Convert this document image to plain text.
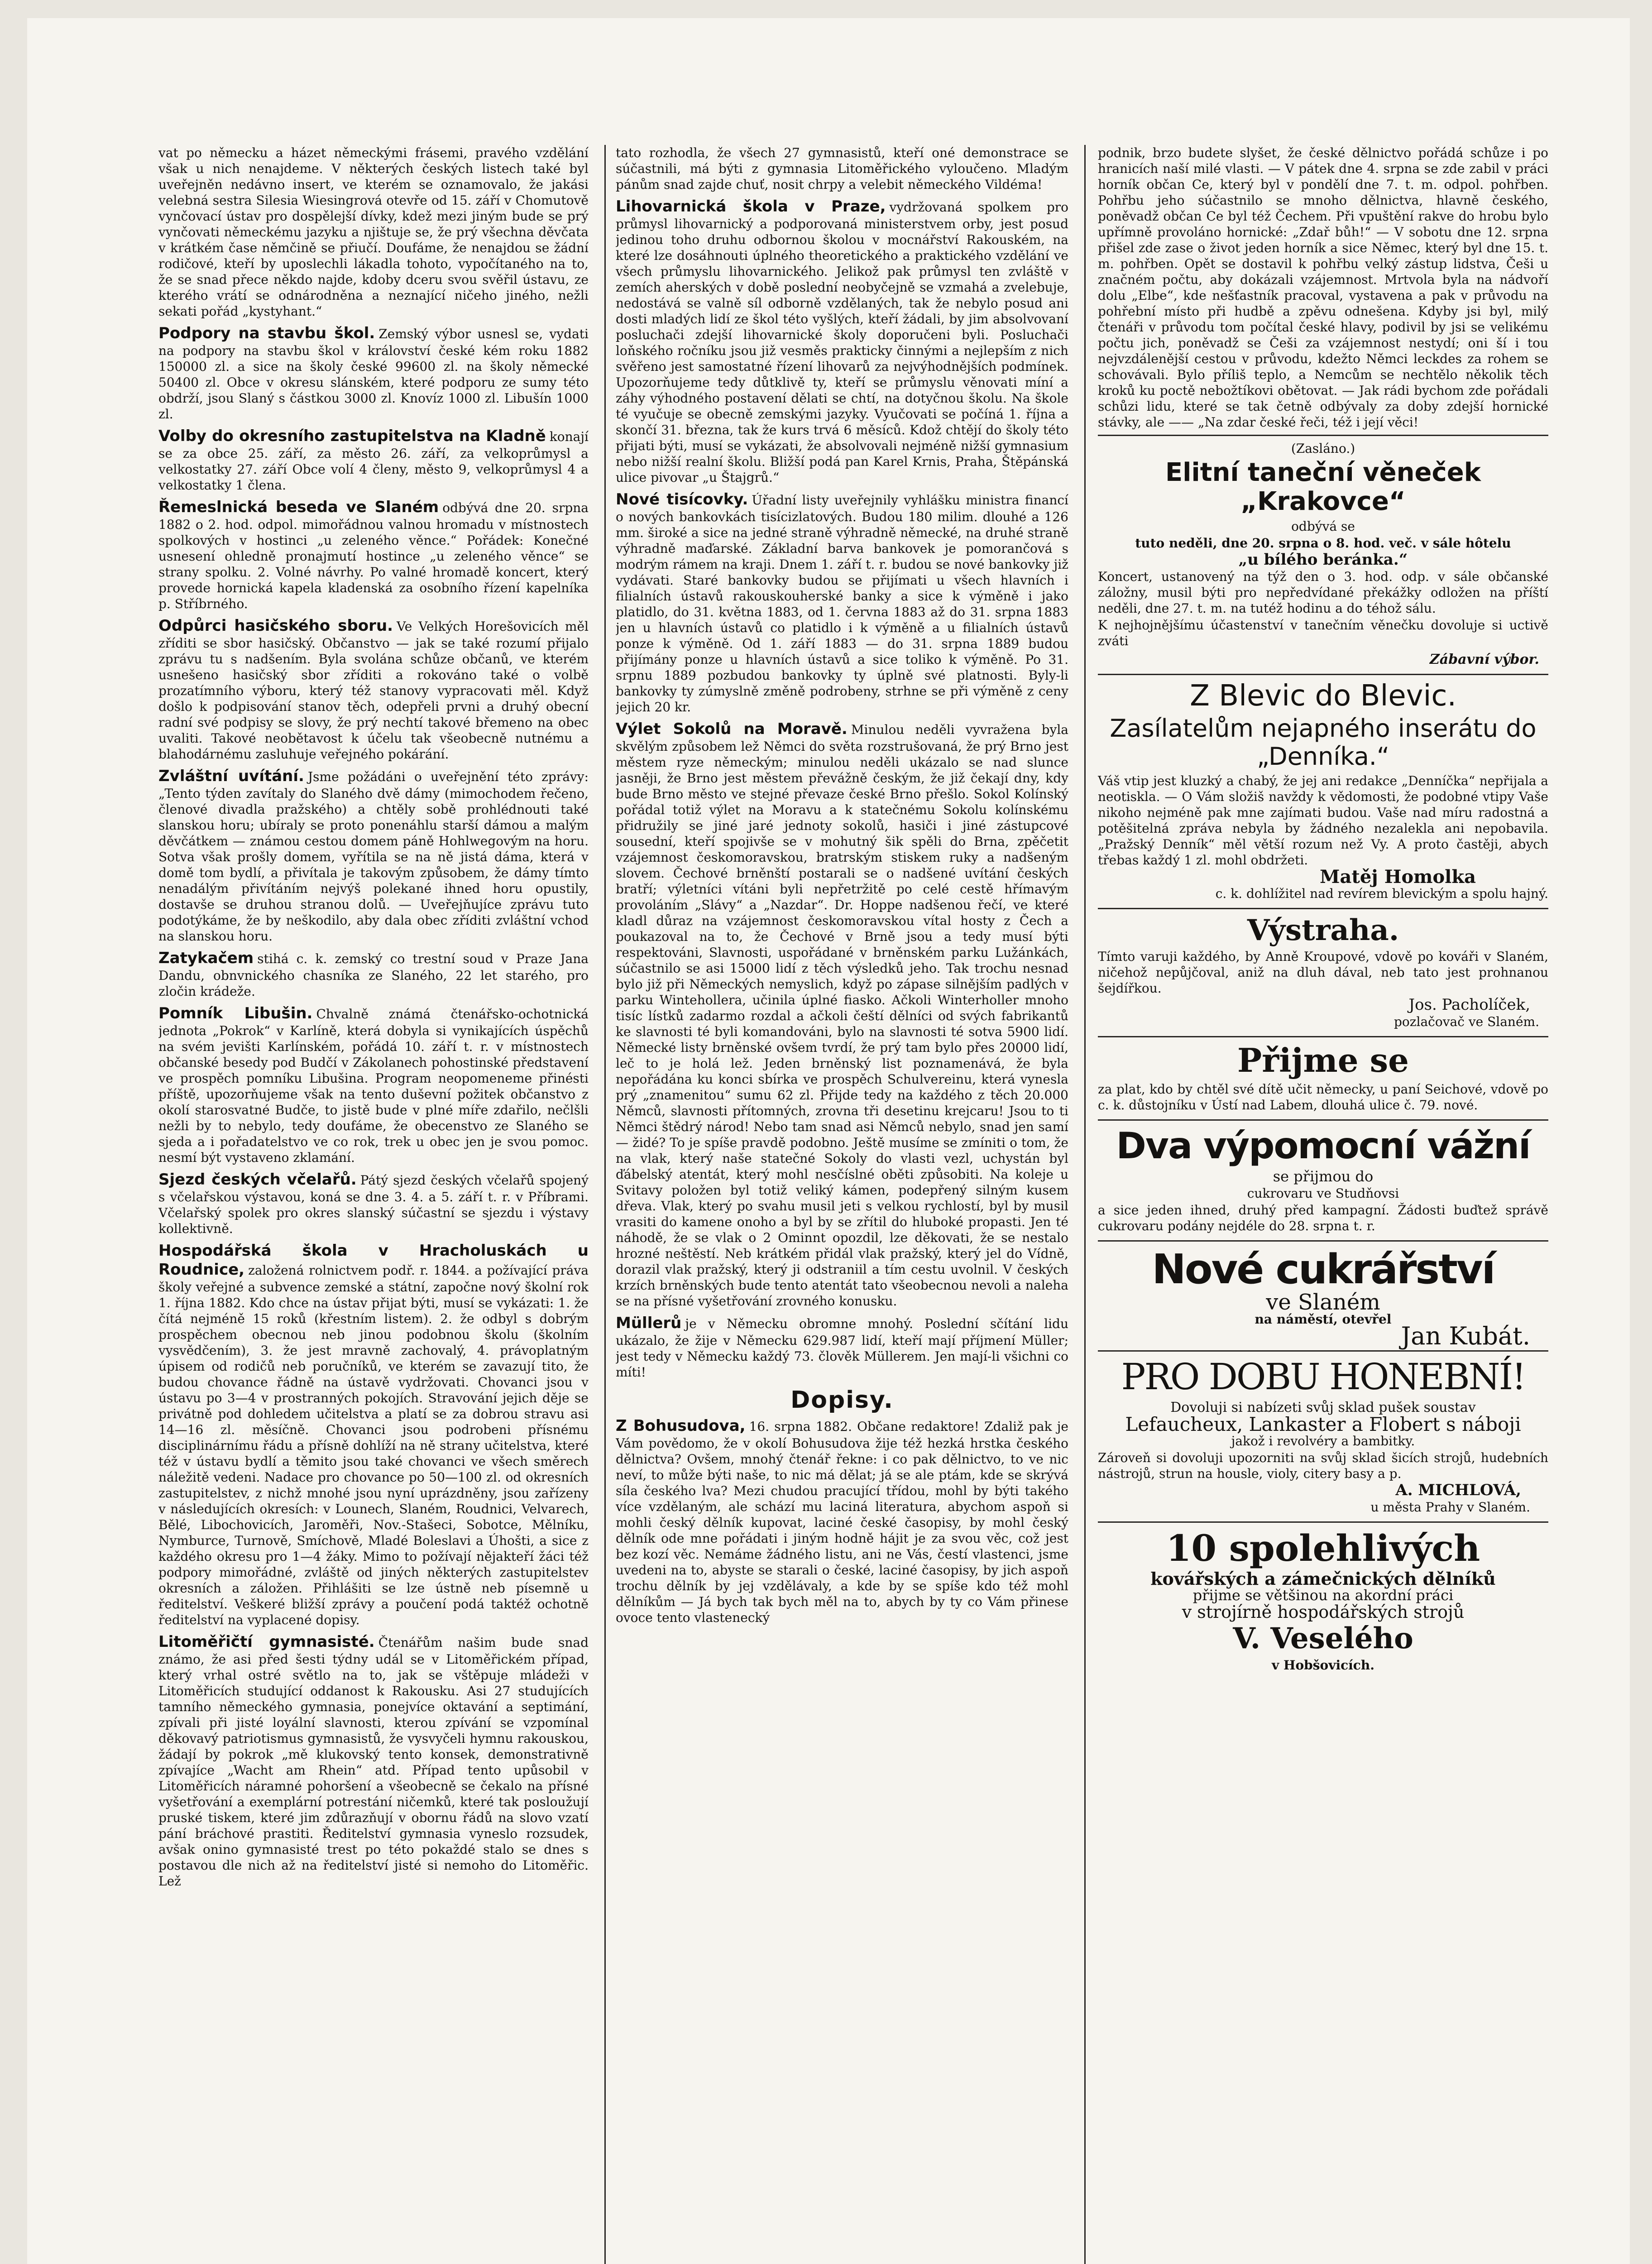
vat po německu a házet německými frásemi, pravého vzdělání však u nich nenajdeme. V některých českých listech také byl uveřejněn nedávno insert, ve kterém se oznamovalo, že jakási velebná sestra Silesia Wiesingrová otevře od 15. září v Chomutově vynčovací ústav pro dospělejší dívky, kdež mezi jiným bude se prý vynčovati německému jazyku a njištuje se, že prý všechna děvčata v krátkém čase němčině se přiučí. Doufáme, že nenajdou se žádní rodičové, kteří by uposlechli lákadla tohoto, vypočítaného na to, že se snad přece někdo najde, kdoby dceru svou svěřil ústavu, ze kterého vrátí se odnárodněna a neznající ničeho jiného, nežli sekati pořád „kystyhant.“

Podpory na stavbu škol. Zemský výbor usnesl se, vydati na podpory na stavbu škol v království české kém roku 1882 150000 zl. a sice na školy české 99600 zl. na školy německé 50400 zl. Obce v okresu slánském, které podporu ze sumy této obdrží, jsou Slaný s částkou 3000 zl. Knovíz 1000 zl. Libušín 1000 zl.

Volby do okresního zastupitelstva na Kladně konají se za obce 25. září, za město 26. září, za velkoprůmysl a velkostatky 27. září Obce volí 4 členy, město 9, velkoprůmysl 4 a velkostatky 1 člena.

Řemeslnická beseda ve Slaném odbývá dne 20. srpna 1882 o 2. hod. odpol. mimořádnou valnou hromadu v místnostech spolkových v hostinci „u zeleného věnce.“ Pořádek: Konečné usnesení ohledně pronajmutí hostince „u zeleného věnce“ se strany spolku. 2. Volné návrhy. Po valné hromadě koncert, který provede hornická kapela kladenská za osobního řízení kapelníka p. Stříbrného.

Odpůrci hasičského sboru. Ve Velkých Horešovicích měl zříditi se sbor hasičský. Občanstvo — jak se také rozumí přijalo zprávu tu s nadšením. Byla svolána schůze občanů, ve kterém usnešeno hasičský sbor zříditi a rokováno také o volbě prozatímního výboru, který též stanovy vypracovati měl. Když došlo k podpisování stanov těch, odepřeli prvni a druhý obecní radní své podpisy se slovy, že prý nechtí takové břemeno na obec uvaliti. Takové neobětavost k účelu tak všeobecně nutnému a blahodárnému zasluhuje veřejného pokárání.

Zvláštní uvítání. Jsme požádáni o uveřejnění této zprávy: „Tento týden zavítaly do Slaného dvě dámy (mimochodem řečeno, členové divadla pražského) a chtěly sobě prohlédnouti také slanskou horu; ubíraly se proto ponenáhlu starší dámou a malým děvčátkem — známou cestou domem páně Hohlwegovým na horu. Sotva však prošly domem, vyřítila se na ně jistá dáma, která v domě tom bydlí, a přivítala je takovým způsobem, že dámy tímto nenadálým přivítáním nejvýš polekané ihned horu opustily, dostavše se druhou stranou dolů. — Uveřejňujíce zprávu tuto podotýkáme, že by neškodilo, aby dala obec zříditi zvláštní vchod na slanskou horu.

Zatykačem stihá c. k. zemský co trestní soud v Praze Jana Dandu, obnvnického chasníka ze Slaného, 22 let starého, pro zločin krádeže.

Pomník Libušin. Chvalně známá čtenářsko-ochotnická jednota „Pokrok“ v Karlíně, která dobyla si vynikajících úspěchů na svém jevišti Karlínském, pořádá 10. září t. r. v místnostech občanské besedy pod Budčí v Zákolanech pohostinské představení ve prospěch pomníku Libušina. Program neopomeneme přinésti příště, upozorňujeme však na tento duševní požitek občanstvo z okolí starosvatné Budče, to jistě bude v plné míře zdařilo, nečlšli nežli by to nebylo, tedy doufáme, že obecenstvo ze Slaného se sjeda a i pořadatelstvo ve co rok, trek u obec jen je svou pomoc. nesmí být vystaveno zklamání.

Sjezd českých včelařů. Pátý sjezd českých včelařů spojený s včelařskou výstavou, koná se dne 3. 4. a 5. září t. r. v Příbrami. Včelařský spolek pro okres slanský súčastní se sjezdu i výstavy kollektivně.

Hospodářská škola v Hracholuskách u Roudnice, založená rolnictvem podř. r. 1844. a požívající práva školy veřejné a subvence zemské a státní, započne nový školní rok 1. října 1882. Kdo chce na ústav přijat býti, musí se vykázati: 1. že čítá nejméně 15 roků (křestním listem). 2. že odbyl s dobrým prospěchem obecnou neb jinou podobnou školu (školním vysvědčením), 3. že jest mravně zachovalý, 4. právoplatným úpisem od rodičů neb poručníků, ve kterém se zavazují tito, že budou chovance řádně na ústavě vydržovati. Chovanci jsou v ústavu po 3—4 v prostranných pokojích. Stravování jejich děje se privátně pod dohledem učitelstva a platí se za dobrou stravu asi 14—16 zl. měsíčně. Chovanci jsou podrobeni přísnému disciplinárnímu řádu a přísně dohlíží na ně strany učitelstva, které též v ústavu bydlí a těmito jsou také chovanci ve všech směrech náležitě vedeni. Nadace pro chovance po 50—100 zl. od okresních zastupitelstev, z nichž mnohé jsou nyní uprázdněny, jsou zařízeny v následujících okresích: v Lounech, Slaném, Roudnici, Velvarech, Bělé, Libochovicích, Jaroměři, Nov.-Stašeci, Sobotce, Mělníku, Nymburce, Turnově, Smíchově, Mladé Boleslavi a Úhošti, a sice z každého okresu pro 1—4 žáky. Mimo to požívají nějakteří žáci též podpory mimořádné, zvláště od jiných některých zastupitelstev okresních a záložen. Přihlášiti se lze ústně neb písemně u ředitelství. Veškeré bližší zprávy a poučení podá taktéž ochotně ředitelství na vyplacené dopisy.

Litoměřičtí gymnasisté. Čtenářům našim bude snad známo, že asi před šesti týdny udál se v Litoměřickém případ, který vrhal ostré světlo na to, jak se vštěpuje mládeži v Litoměřicích studující oddanost k Rakousku. Asi 27 studujících tamního německého gymnasia, ponejvíce oktavání a septimání, zpívali při jisté loyální slavnosti, kterou zpívání se vzpomínal děkovavý patriotismus gymnasistů, že vysvyčeli hymnu rakouskou, žádají by pokrok „mě klukovský tento konsek, demonstrativně zpívajíce „Wacht am Rhein“ atd. Případ tento upůsobil v Litoměřicích náramné pohoršení a všeobecně se čekalo na přísné vyšetřování a exemplární potrestání ničemků, které tak posloužují pruské tiskem, které jim zdůrazňují v obornu řádů na slovo vzatí pání bráchové prastiti. Ředitelství gymnasia vyneslo rozsudek, avšak onino gymnasisté trest po této pokaždé stalo se dnes s postavou dle nich až na ředitelství jisté si nemoho do Litoměřic. Lež

tato rozhodla, že všech 27 gymnasistů, kteří oné demonstrace se súčastnili, má býti z gymnasia Litoměřického vyloučeno. Mladým pánům snad zajde chuť, nosit chrpy a velebit německého Vildéma!

Lihovarnická škola v Praze, vydržovaná spolkem pro průmysl lihovarnický a podporovaná ministerstvem orby, jest posud jedinou toho druhu odbornou školou v mocnářství Rakouském, na které lze dosáhnouti úplného theoretického a praktického vzdělání ve všech průmyslu lihovarnického. Jelikož pak průmysl ten zvláště v zemích aherských v době poslední neobyčejně se vzmahá a zvelebuje, nedostává se valně síl odborně vzdělaných, tak že nebylo posud ani dosti mladých lidí ze škol této vyšlých, kteří žádali, by jim absolvovaní posluchači zdejší lihovarnické školy doporučeni byli. Posluchači loňského ročníku jsou již vesměs prakticky činnými a nejlepším z nich svěřeno jest samostatné řízení lihovarů za nejvýhodnějších podmínek. Upozorňujeme tedy důtklivě ty, kteří se průmyslu věnovati míní a záhy výhodného postavení dělati se chtí, na dotyčnou školu. Na škole té vyučuje se obecně zemskými jazyky. Vyučovati se počíná 1. října a skončí 31. března, tak že kurs trvá 6 měsíců. Kdož chtějí do školy této přijati býti, musí se vykázati, že absolvovali nejméně nižší gymnasium nebo nižší realní školu. Bližší podá pan Karel Krnis, Praha, Štěpánská ulice pivovar „u Štajgrů.“

Nové tisícovky. Úřadní listy uveřejnily vyhlášku ministra financí o nových bankovkách tisícizlatových. Budou 180 milim. dlouhé a 126 mm. široké a sice na jedné straně výhradně německé, na druhé straně výhradně maďarské. Základní barva bankovek je pomorančová s modrým rámem na kraji. Dnem 1. září t. r. budou se nové bankovky již vydávati. Staré bankovky budou se přijímati u všech hlavních i filialních ústavů rakouskouherské banky a sice k výměně i jako platidlo, do 31. května 1883, od 1. června 1883 až do 31. srpna 1883 jen u hlavních ústavů co platidlo i k výměně a u filialních ústavů ponze k výměně. Od 1. září 1883 — do 31. srpna 1889 budou přijímány ponze u hlavních ústavů a sice toliko k výměně. Po 31. srpnu 1889 pozbudou bankovky ty úplně své platnosti. Byly-li bankovky ty zúmyslně změně podrobeny, strhne se při výměně z ceny jejich 20 kr.

Výlet Sokolů na Moravě. Minulou neděli vyvražena byla skvělým způsobem lež Němci do světa rozstrušovaná, že prý Brno jest městem ryze německým; minulou neděli ukázalo se nad slunce jasněji, že Brno jest městem převážně českým, že již čekají dny, kdy bude Brno město ve stejné převaze české Brno přešlo. Sokol Kolínský pořádal totiž výlet na Moravu a k statečnému Sokolu kolínskému přidružily se jiné jaré jednoty sokolů, hasiči i jiné zástupcové sousední, kteří spojivše se v mohutný šik spěli do Brna, zpěčetit vzájemnost českomoravskou, bratrským stiskem ruky a nadšeným slovem. Čechové brněnští postarali se o nadšené uvítání českých bratří; výletníci vítáni byli nepřetržitě po celé cestě hřímavým provoláním „Slávy“ a „Nazdar“. Dr. Hoppe nadšenou řečí, ve které kladl důraz na vzájemnost českomoravskou vítal hosty z Čech a poukazoval na to, že Čechové v Brně jsou a tedy musí býti respektováni, Slavnosti, uspořádané v brněnském parku Lužánkách, súčastnilo se asi 15000 lidí z těch výsledků jeho. Tak trochu nesnad bylo již při Německých nemyslich, když po zápase silnějším padlých v parku Wintehollera, učinila úplné fiasko. Ačkoli Winterholler mnoho tisíc lístků zadarmo rozdal a ačkoli čeští dělníci od svých fabrikantů ke slavnosti té byli komandováni, bylo na slavnosti té sotva 5900 lidí. Německé listy brněnské ovšem tvrdí, že prý tam bylo přes 20000 lidí, leč to je holá lež. Jeden brněnský list poznamenává, že byla nepořádána ku konci sbírka ve prospěch Schulvereinu, která vynesla prý „znamenitou“ sumu 62 zl. Přijde tedy na každého z těch 20.000 Němců, slavnosti přítomných, zrovna tři desetinu krejcaru! Jsou to ti Němci štědrý národ! Nebo tam snad asi Němců nebylo, snad jen samí — židé? To je spíše pravdě podobno. Ještě musíme se zmíniti o tom, že na vlak, který naše statečné Sokoly do vlasti vezl, uchystán byl ďábelský atentát, který mohl nesčíslné oběti způsobiti. Na koleje u Svitavy položen byl totiž veliký kámen, podepřený silným kusem dřeva. Vlak, který po svahu musil jeti s velkou rychlostí, byl by musil vrasiti do kamene onoho a byl by se zřítil do hluboké propasti. Jen té náhodě, že se vlak o 2 Ominnt opozdil, lze děkovati, že se nestalo hrozné neštěstí. Neb krátkém přidál vlak pražský, který jel do Vídně, dorazil vlak pražský, který ji odstraniil a tím cestu uvolnil. V českých krzích brněnských bude tento atentát tato všeobecnou nevoli a naleha se na přísné vyšetřování zrovného konusku.

Müllerů je v Německu obromne mnohý. Poslední sčítání lidu ukázalo, že žije v Německu 629.987 lidí, kteří mají příjmení Müller; jest tedy v Německu každý 73. člověk Müllerem. Jen mají-li všichni co míti!

Dopisy.

Z Bohusudova, 16. srpna 1882. Občane redaktore! Zdaliž pak je Vám povědomo, že v okolí Bohusudova žije též hezká hrstka českého dělnictva? Ovšem, mnohý čtenář řekne: i co pak dělnictvo, to ve nic neví, to může býti naše, to nic má dělat; já se ale ptám, kde se skrývá síla českého lva? Mezi chudou pracující třídou, mohl by býti takého více vzdělaným, ale schází mu laciná literatura, abychom aspoň si mohli český dělník kupovat, laciné české časopisy, by mohl český dělník ode mne pořádati i jiným hodně hájit je za svou věc, což jest bez kozí věc. Nemáme žádného listu, ani ne Vás, čestí vlastenci, jsme uvedeni na to, abyste se starali o české, laciné časopisy, by jich aspoň trochu dělník by jej vzdělávaly, a kde by se spíše kdo též mohl dělníkům — Já bych tak bych měl na to, abych by ty co Vám přinese ovoce tento vlastenecký

podnik, brzo budete slyšet, že české dělnictvo pořádá schůze i po hranicích naší milé vlasti. — V pátek dne 4. srpna se zde zabil v práci horník občan Ce, který byl v pondělí dne 7. t. m. odpol. pohřben. Pohřbu jeho súčastnilo se mnoho dělnictva, hlavně českého, poněvadž občan Ce byl též Čechem. Při vpuštění rakve do hrobu bylo upřímně provoláno hornické: „Zdař bůh!“ — V sobotu dne 12. srpna přišel zde zase o život jeden horník a sice Němec, který byl dne 15. t. m. pohřben. Opět se dostavil k pohřbu velký zástup lidstva, Češi u značném počtu, aby dokázali vzájemnost. Mrtvola byla na nádvoří dolu „Elbe“, kde nešťastník pracoval, vystavena a pak v průvodu na pohřební místo při hudbě a zpěvu odnešena. Kdyby jsi byl, milý čtenáři v průvodu tom počítal české hlavy, podivil by jsi se velikému počtu jich, poněvadž se Češi za vzájemnost nestydí; oni ší i tou nejvzdálenější cestou v průvodu, kdežto Němci leckdes za rohem se schovávali. Bylo příliš teplo, a Nemcům se nechtělo několik těch kroků ku poctě nebožtíkovi obětovat. — Jak rádi bychom zde pořádali schůzi lidu, které se tak četně odbývaly za doby zdejší hornické stávky, ale —— „Na zdar české řeči, též i její věci!

(Zasláno.)

Elitní taneční věneček „Krakovce“

odbývá se

tuto neděli, dne 20. srpna o 8. hod. več. v sále hôtelu

„u bílého beránka.“

Koncert, ustanovený na týž den o 3. hod. odp. v sále občanské záložny, musil býti pro nepředvídané překážky odložen na příští neděli, dne 27. t. m. na tutéž hodinu a do téhož sálu.

K nejhojnějšímu účastenství v tanečním věnečku dovoluje si uctivě zváti

Zábavní výbor.
Z Blevic do Blevic.
Zasílatelům nejapného inserátu do „Denníka.“

Váš vtip jest kluzký a chabý, že jej ani redakce „Denníčka“ nepřijala a neotiskla. — O Vám složiš navždy k vědomosti, že podobné vtipy Vaše nikoho nejméně pak mne zajímati budou. Vaše nad míru radostná a potěšitelná zpráva nebyla by žádného nezalekla ani nepobavila. „Pražský Denník“ měl větší rozum než Vy. A proto častěji, abych třebas každý 1 zl. mohl obdržeti.

Matěj Homolka

c. k. dohlížitel nad revírem blevickým a spolu hajný.

Výstraha.

Tímto varuji každého, by Anně Kroupové, vdově po kováři v Slaném, ničehož nepůjčoval, aniž na dluh dával, neb tato jest prohnanou šejdířkou.

Jos. Pacholíček,

pozlačovač ve Slaném.

Přijme se

za plat, kdo by chtěl své dítě učit německy, u paní Seichové, vdově po c. k. důstojníku v Ústí nad Labem, dlouhá ulice č. 79. nové.

Dva výpomocní vážní

se přijmou do

cukrovaru ve Studňovsi

a sice jeden ihned, druhý před kampagní. Žádosti buďtež správě cukrovaru podány nejdéle do 28. srpna t. r.

Nové cukrářství

ve Slaném

na náměstí, otevřel

Jan Kubát.

PRO DOBU HONEBNÍ!

Dovoluji si nabízeti svůj sklad pušek soustav

Lefaucheux, Lankaster a Flobert s náboji

jakož i revolvéry a bambitky.

Zároveň si dovoluji upozorniti na svůj sklad šicích strojů, hudebních nástrojů, strun na housle, violy, citery basy a p.

A. MICHLOVÁ,

u města Prahy v Slaném.

10 spolehlivých

kovářských a zámečnických dělníků

přijme se většinou na akordní práci

v strojírně hospodářských strojů

V. Veselého

v Hobšovicích.
